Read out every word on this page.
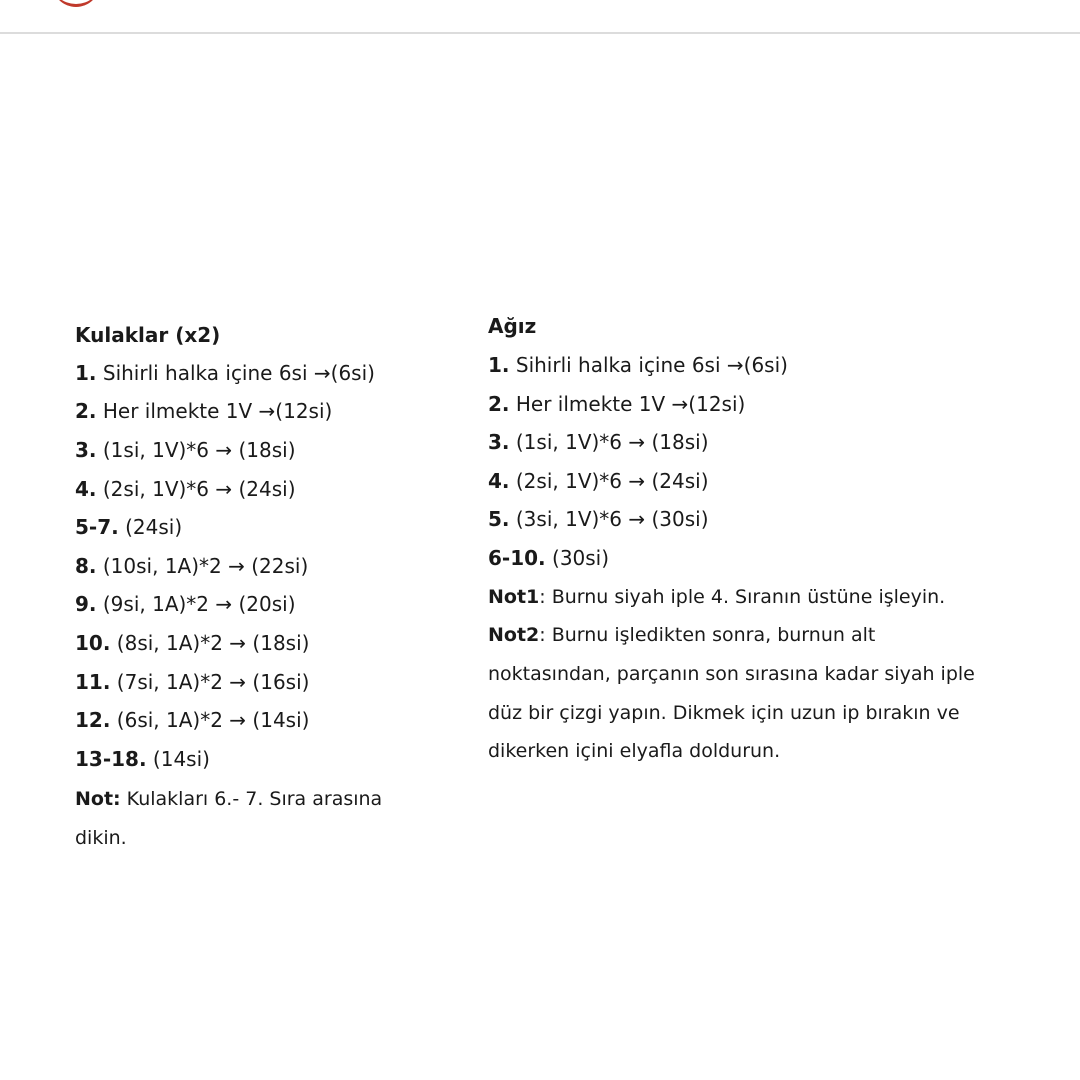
Kulaklar (x2)
1. Sihirli halka içine 6si →(6si)
2. Her ilmekte 1V →(12si)
3. (1si, 1V)*6 → (18si)
4. (2si, 1V)*6 → (24si)
5-7. (24si)
8. (10si, 1A)*2 → (22si)
9. (9si, 1A)*2 → (20si)
10. (8si, 1A)*2 → (18si)
11. (7si, 1A)*2 → (16si)
12. (6si, 1A)*2 → (14si)
13-18. (14si)
Not: Kulakları 6.- 7. Sıra arasına
dikin.
Ağız
1. Sihirli halka içine 6si →(6si)
2. Her ilmekte 1V →(12si)
3. (1si, 1V)*6 → (18si)
4. (2si, 1V)*6 → (24si)
5. (3si, 1V)*6 → (30si)
6-10. (30si)
Not1: Burnu siyah iple 4. Sıranın üstüne işleyin.
Not2: Burnu işledikten sonra, burnun alt
noktasından, parçanın son sırasına kadar siyah iple
düz bir çizgi yapın. Dikmek için uzun ip bırakın ve
dikerken içini elyafla doldurun.
